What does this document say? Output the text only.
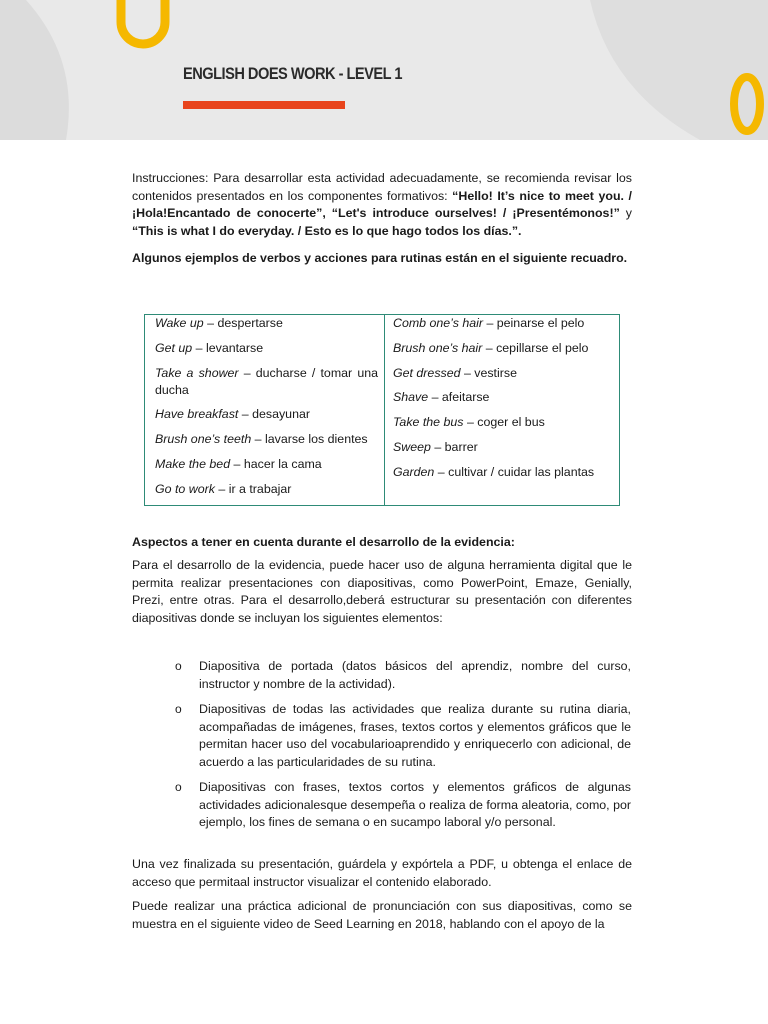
ENGLISH DOES WORK - LEVEL 1

Instrucciones: Para desarrollar esta actividad adecuadamente, se recomienda revisar los contenidos presentados en los componentes formativos: “Hello! It’s nice to meet you. / ¡Hola!Encantado de conocerte”, “Let's introduce ourselves! / ¡Presentémonos!” y “This is what I do everyday. / Esto es lo que hago todos los días.”.

Algunos ejemplos de verbos y acciones para rutinas están en el siguiente recuadro.
Wake up – despertarse
Get up – levantarse
Take a shower – ducharse / tomar una ducha
Have breakfast – desayunar
Brush one’s teeth – lavarse los dientes
Make the bed – hacer la cama
Go to work – ir a trabajar
Comb one’s hair – peinarse el pelo
Brush one’s hair – cepillarse el pelo
Get dressed – vestirse
Shave – afeitarse
Take the bus – coger el bus
Sweep – barrer
Garden – cultivar / cuidar las plantas
Aspectos a tener en cuenta durante el desarrollo de la evidencia:

Para el desarrollo de la evidencia, puede hacer uso de alguna herramienta digital que le permita realizar presentaciones con diapositivas, como PowerPoint, Emaze, Genially, Prezi, entre otras. Para el desarrollo,deberá estructurar su presentación con diferentes diapositivas donde se incluyan los siguientes elementos:

o Diapositiva de portada (datos básicos del aprendiz, nombre del curso, instructor y nombre de la actividad).
o Diapositivas de todas las actividades que realiza durante su rutina diaria, acompañadas de imágenes, frases, textos cortos y elementos gráficos que le permitan hacer uso del vocabularioaprendido y enriquecerlo con adicional, de acuerdo a las particularidades de su rutina.
o Diapositivas con frases, textos cortos y elementos gráficos de algunas actividades adicionalesque desempeña o realiza de forma aleatoria, como, por ejemplo, los fines de semana o en sucampo laboral y/o personal.

Una vez finalizada su presentación, guárdela y expórtela a PDF, u obtenga el enlace de acceso que permitaal instructor visualizar el contenido elaborado.

Puede realizar una práctica adicional de pronunciación con sus diapositivas, como se muestra en el siguiente video de Seed Learning en 2018, hablando con el apoyo de la
